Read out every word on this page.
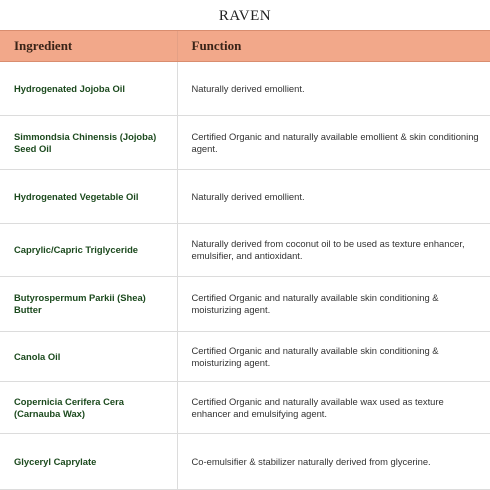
RAVEN
Ingredient	Function
Hydrogenated Jojoba Oil	Naturally derived emollient.
Simmondsia Chinensis (Jojoba) Seed Oil	Certified Organic and naturally available emollient & skin conditioning agent.
Hydrogenated Vegetable Oil	Naturally derived emollient.
Caprylic/Capric Triglyceride	Naturally derived from coconut oil to be used as texture enhancer, emulsifier, and antioxidant.
Butyrospermum Parkii (Shea) Butter	Certified Organic and naturally available skin conditioning & moisturizing agent.
Canola Oil	Certified Organic and naturally available skin conditioning & moisturizing agent.
Copernicia Cerifera Cera (Carnauba Wax)	Certified Organic and naturally available wax used as texture enhancer and emulsifying agent.
Glyceryl Caprylate	Co-emulsifier & stabilizer naturally derived from glycerine.
